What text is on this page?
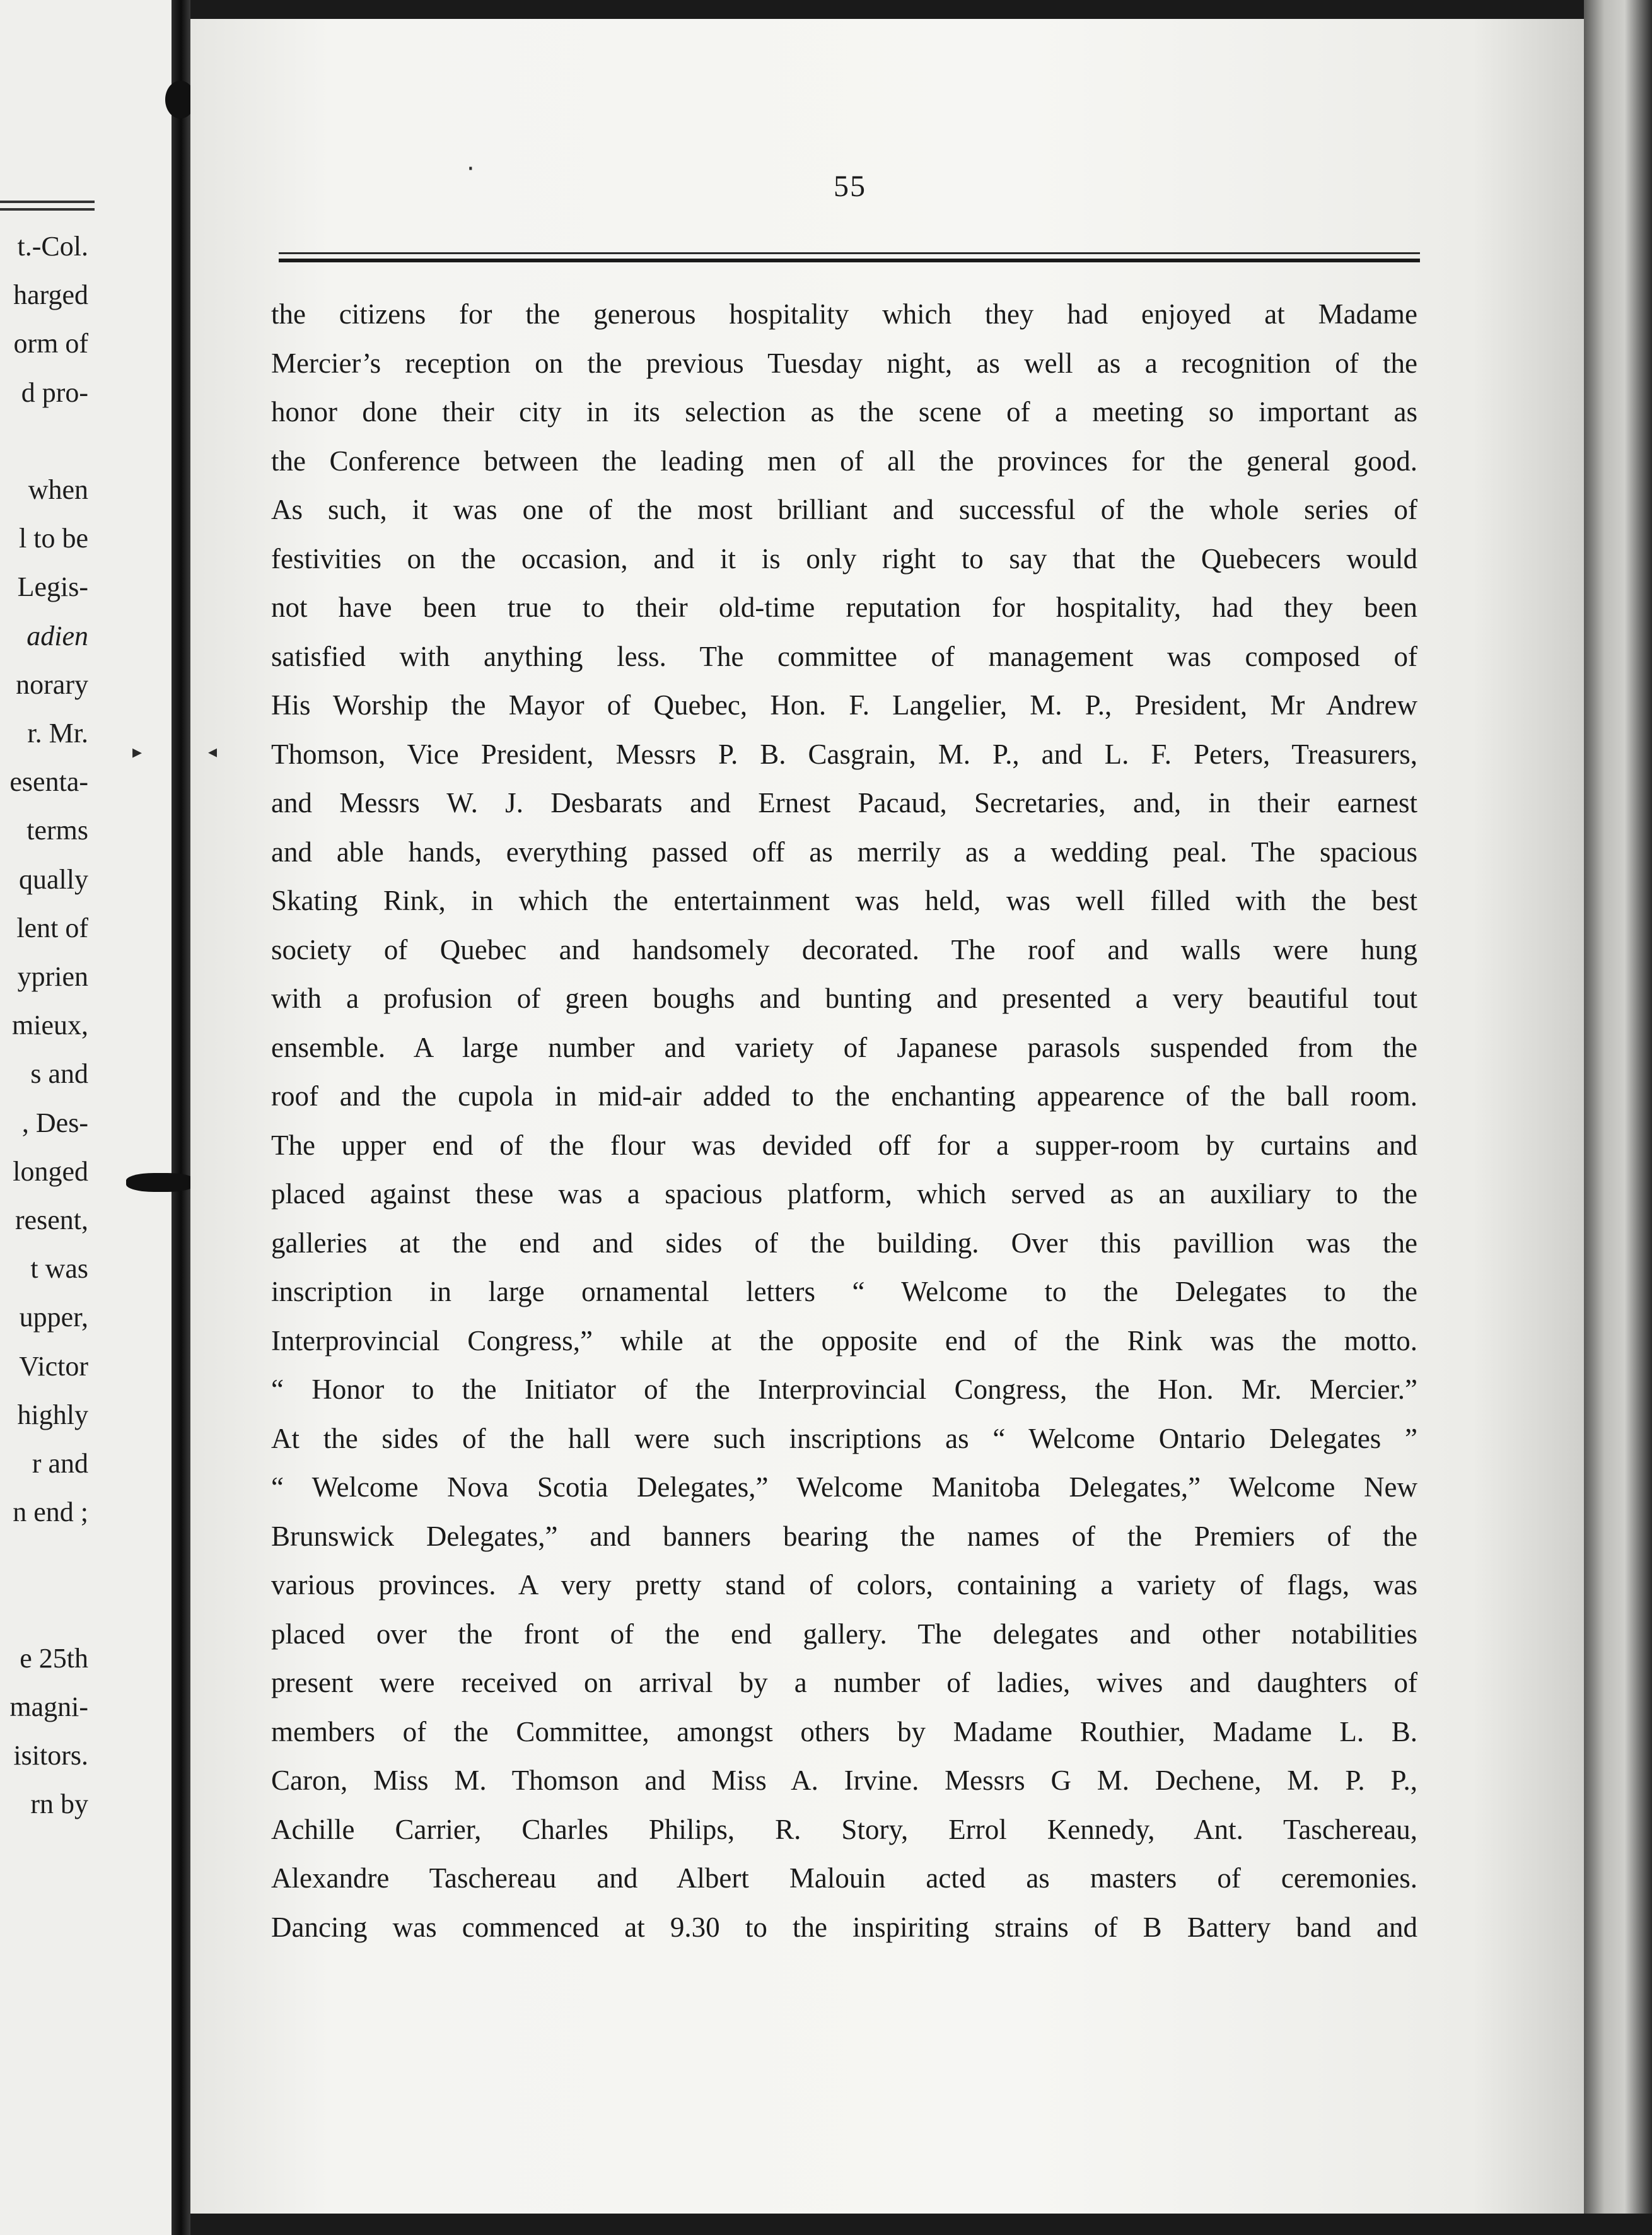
t.-Col.
harged
orm of
d pro-
when
l to be
Legis-
adien
norary
r. Mr.
esenta-
terms
qually
lent of
yprien
mieux,
s and
, Des-
longed
resent,
t was
upper,
Victor
highly
r and
n end ;
e 25th
magni-
isitors.
rn by
55
the citizens for the generous hospitality which they had enjoyed at Madame
Mercier’s reception on the previous Tuesday night, as well as a recognition of the
honor done their city in its selection as the scene of a meeting so important as
the Conference between the leading men of all the provinces for the general good.
As such, it was one of the most brilliant and successful of the whole series of
festivities on the occasion, and it is only right to say that the Quebecers would
not have been true to their old-time reputation for hospitality, had they been
satisfied with anything less. The committee of management was composed of
His Worship the Mayor of Quebec, Hon. F. Langelier, M. P., President, Mr Andrew
Thomson, Vice President, Messrs P. B. Casgrain, M. P., and L. F. Peters, Treasurers,
and Messrs W. J. Desbarats and Ernest Pacaud, Secretaries, and, in their earnest
and able hands, everything passed off as merrily as a wedding peal. The spacious
Skating Rink, in which the entertainment was held, was well filled with the best
society of Quebec and handsomely decorated. The roof and walls were hung
with a profusion of green boughs and bunting and presented a very beautiful tout
ensemble. A large number and variety of Japanese parasols suspended from the
roof and the cupola in mid-air added to the enchanting appearence of the ball room.
The upper end of the flour was devided off for a supper-room by curtains and
placed against these was a spacious platform, which served as an auxiliary to the
galleries at the end and sides of the building. Over this pavillion was the
inscription in large ornamental letters “ Welcome to the Delegates to the
Interprovincial Congress,” while at the opposite end of the Rink was the motto.
“ Honor to the Initiator of the Interprovincial Congress, the Hon. Mr. Mercier.”
At the sides of the hall were such inscriptions as “ Welcome Ontario Delegates ”
“ Welcome Nova Scotia Delegates,” Welcome Manitoba Delegates,” Welcome New
Brunswick Delegates,” and banners bearing the names of the Premiers of the
various provinces. A very pretty stand of colors, containing a variety of flags, was
placed over the front of the end gallery. The delegates and other notabilities
present were received on arrival by a number of ladies, wives and daughters of
members of the Committee, amongst others by Madame Routhier, Madame L. B.
Caron, Miss M. Thomson and Miss A. Irvine. Messrs G M. Dechene, M. P. P.,
Achille Carrier, Charles Philips, R. Story, Errol Kennedy, Ant. Taschereau,
Alexandre Taschereau and Albert Malouin acted as masters of ceremonies.
Dancing was commenced at 9.30 to the inspiriting strains of B Battery band and
·
▸	◂
